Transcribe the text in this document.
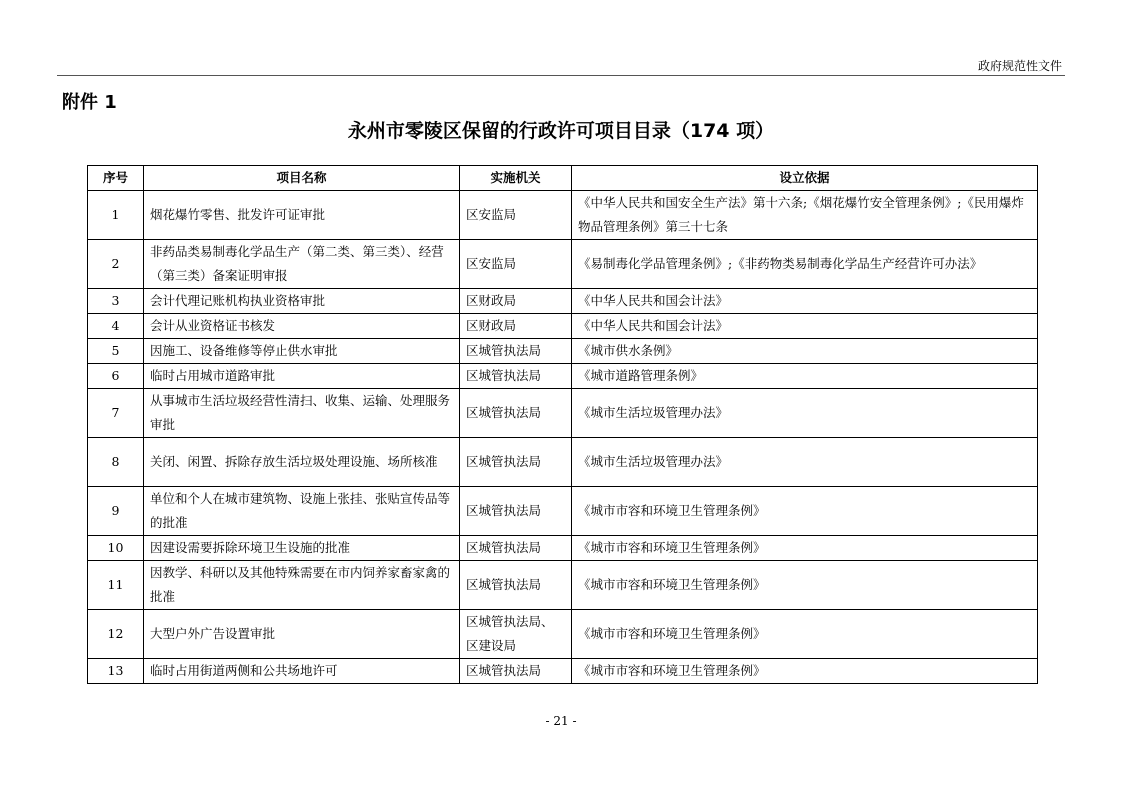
政府规范性文件
附件 1
永州市零陵区保留的行政许可项目目录（174 项）
序号	项目名称	实施机关	设立依据
1	烟花爆竹零售、批发许可证审批	区安监局	《中华人民共和国安全生产法》第十六条;《烟花爆竹安全管理条例》;《民用爆炸物品管理条例》第三十七条
2	非药品类易制毒化学品生产（第二类、第三类）、经营（第三类）备案证明审报	区安监局	《易制毒化学品管理条例》;《非药物类易制毒化学品生产经营许可办法》
3	会计代理记账机构执业资格审批	区财政局	《中华人民共和国会计法》
4	会计从业资格证书核发	区财政局	《中华人民共和国会计法》
5	因施工、设备维修等停止供水审批	区城管执法局	《城市供水条例》
6	临时占用城市道路审批	区城管执法局	《城市道路管理条例》
7	从事城市生活垃圾经营性清扫、收集、运输、处理服务审批	区城管执法局	《城市生活垃圾管理办法》
8	关闭、闲置、拆除存放生活垃圾处理设施、场所核准	区城管执法局	《城市生活垃圾管理办法》
9	单位和个人在城市建筑物、设施上张挂、张贴宣传品等的批准	区城管执法局	《城市市容和环境卫生管理条例》
10	因建设需要拆除环境卫生设施的批准	区城管执法局	《城市市容和环境卫生管理条例》
11	因教学、科研以及其他特殊需要在市内饲养家畜家禽的批准	区城管执法局	《城市市容和环境卫生管理条例》
12	大型户外广告设置审批	区城管执法局、区建设局	《城市市容和环境卫生管理条例》
13	临时占用街道两侧和公共场地许可	区城管执法局	《城市市容和环境卫生管理条例》
- 21 -
